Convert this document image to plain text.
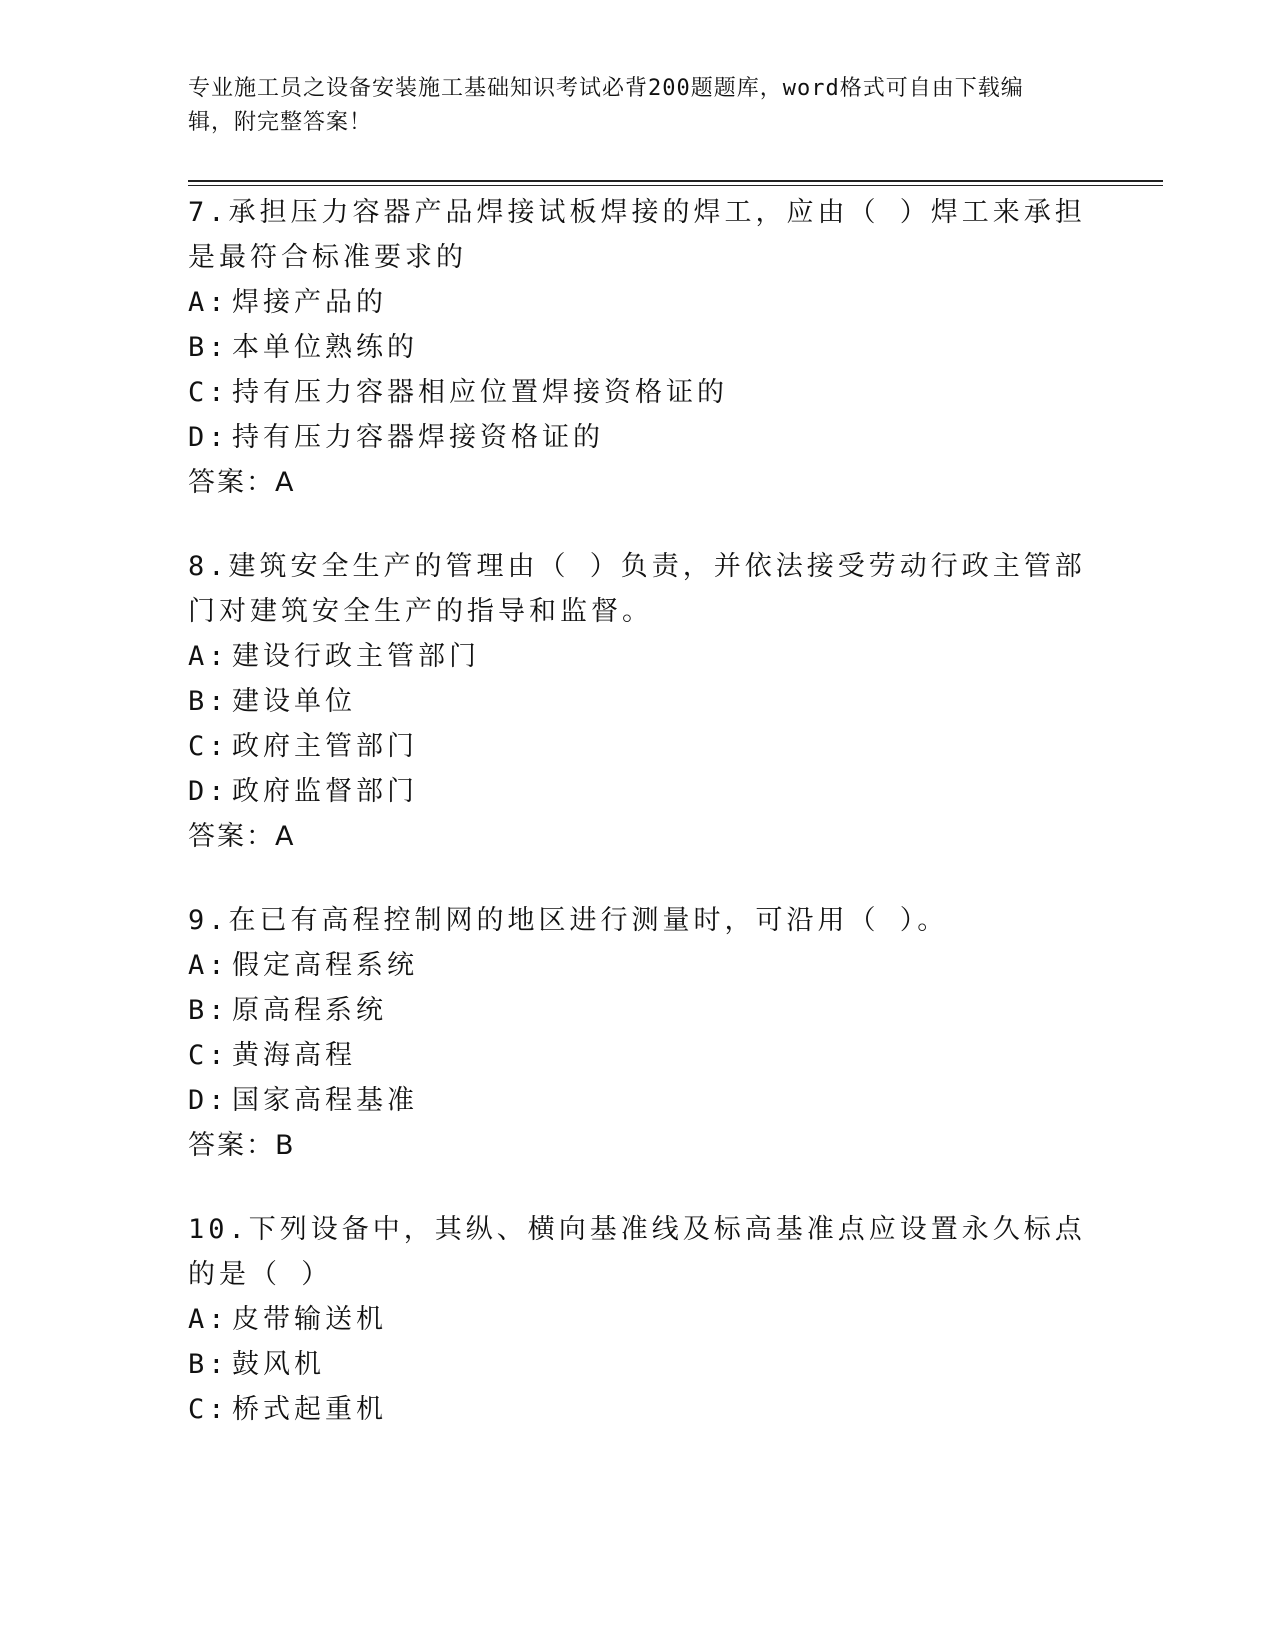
专业施工员之设备安装施工基础知识考试必背200题题库，word格式可自由下载编辑，附完整答案！

7.承担压力容器产品焊接试板焊接的焊工，应由（ ）焊工来承担是最符合标准要求的

A: 焊接产品的

B: 本单位熟练的

C: 持有压力容器相应位置焊接资格证的

D: 持有压力容器焊接资格证的

答案：A

8.建筑安全生产的管理由（ ）负责，并依法接受劳动行政主管部门对建筑安全生产的指导和监督。

A: 建设行政主管部门

B: 建设单位

C: 政府主管部门

D: 政府监督部门

答案：A

9.在已有高程控制网的地区进行测量时，可沿用（ ）。

A: 假定高程系统

B: 原高程系统

C: 黄海高程

D: 国家高程基准

答案：B

10.下列设备中，其纵、横向基准线及标高基准点应设置永久标点的是（ ）

A: 皮带输送机

B: 鼓风机

C: 桥式起重机
